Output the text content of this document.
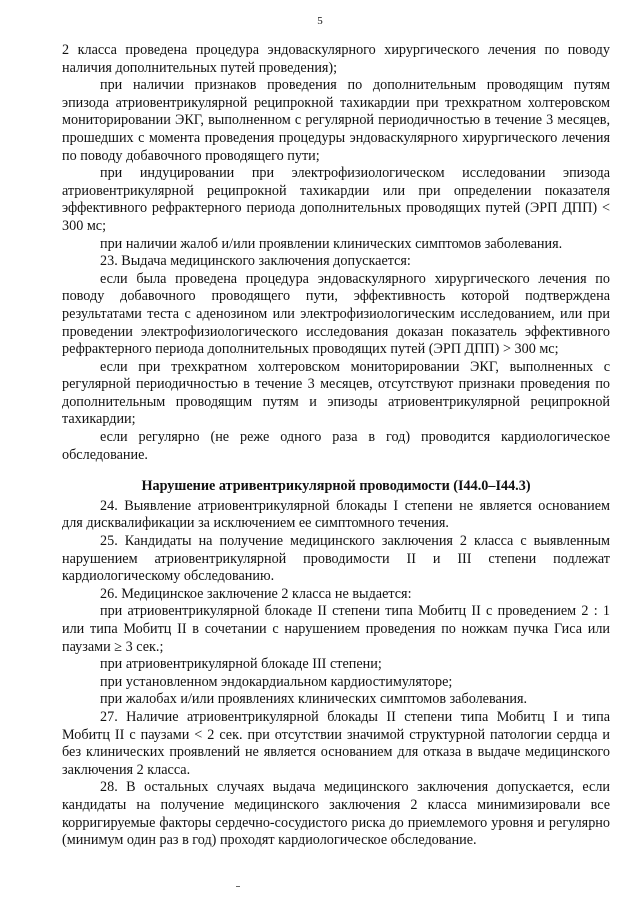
5

2 класса проведена процедура эндоваскулярного хирургического лечения по поводу наличия дополнительных путей проведения);

при наличии признаков проведения по дополнительным проводящим путям эпизода атриовентрикулярной реципрокной тахикардии при трехкратном холтеровском мониторировании ЭКГ, выполненном с регулярной периодичностью в течение 3 месяцев, прошедших с момента проведения процедуры эндоваскулярного хирургического лечения по поводу добавочного проводящего пути;

при индуцировании при электрофизиологическом исследовании эпизода атриовентрикулярной реципрокной тахикардии или при определении показателя эффективного рефрактерного периода дополнительных проводящих путей (ЭРП ДПП) < 300 мс;

при наличии жалоб и/или проявлении клинических симптомов заболевания.

23. Выдача медицинского заключения допускается:

если была проведена процедура эндоваскулярного хирургического лечения по поводу добавочного проводящего пути, эффективность которой подтверждена результатами теста с аденозином или электрофизиологическим исследованием, или при проведении электрофизиологического исследования доказан показатель эффективного рефрактерного периода дополнительных проводящих путей (ЭРП ДПП) > 300 мс;

если при трехкратном холтеровском мониторировании ЭКГ, выполненных с регулярной периодичностью в течение 3 месяцев, отсутствуют признаки проведения по дополнительным проводящим путям и эпизоды атриовентрикулярной реципрокной тахикардии;

если регулярно (не реже одного раза в год) проводится кардиологическое обследование.

Нарушение атривентрикулярной проводимости (I44.0–I44.3)

24. Выявление атриовентрикулярной блокады I степени не является основанием для дисквалификации за исключением ее симптомного течения.

25. Кандидаты на получение медицинского заключения 2 класса с выявленным нарушением атриовентрикулярной проводимости II и III степени подлежат кардиологическому обследованию.

26. Медицинское заключение 2 класса не выдается:

при атриовентрикулярной блокаде II степени типа Мобитц II с проведением 2 : 1 или типа Мобитц II в сочетании с нарушением проведения по ножкам пучка Гиса или паузами ≥ 3 сек.;

при атриовентрикулярной блокаде III степени;

при установленном эндокардиальном кардиостимуляторе;

при жалобах и/или проявлениях клинических симптомов заболевания.

27. Наличие атриовентрикулярной блокады II степени типа Мобитц I и типа Мобитц II с паузами < 2 сек. при отсутствии значимой структурной патологии сердца и без клинических проявлений не является основанием для отказа в выдаче медицинского заключения 2 класса.

28. В остальных случаях выдача медицинского заключения допускается, если кандидаты на получение медицинского заключения 2 класса минимизировали все корригируемые факторы сердечно-сосудистого риска до приемлемого уровня и регулярно (минимум один раз в год) проходят кардиологическое обследование.
